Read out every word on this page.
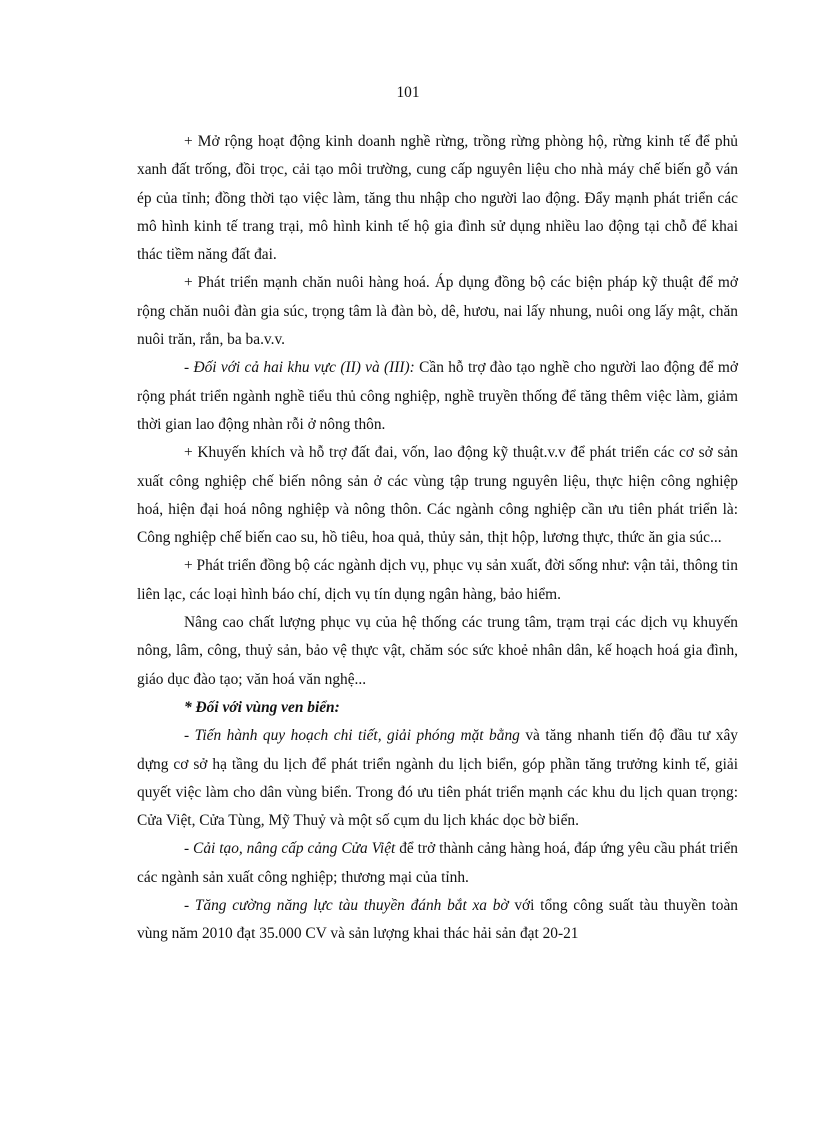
101

+ Mở rộng hoạt động kinh doanh nghề rừng, trồng rừng phòng hộ, rừng kinh tế để phủ xanh đất trống, đồi trọc, cải tạo môi trường, cung cấp nguyên liệu cho nhà máy chế biến gỗ ván ép của tỉnh; đồng thời tạo việc làm, tăng thu nhập cho người lao động. Đẩy mạnh phát triển các mô hình kinh tế trang trại, mô hình kinh tế hộ gia đình sử dụng nhiều lao động tại chỗ để khai thác tiềm năng đất đai.

+ Phát triển mạnh chăn nuôi hàng hoá. Áp dụng đồng bộ các biện pháp kỹ thuật để mở rộng chăn nuôi đàn gia súc, trọng tâm là đàn bò, dê, hươu, nai lấy nhung, nuôi ong lấy mật, chăn nuôi trăn, rắn, ba ba.v.v.

- Đối với cả hai khu vực (II) và (III): Cần hỗ trợ đào tạo nghề cho người lao động để mở rộng phát triển ngành nghề tiểu thủ công nghiệp, nghề truyền thống để tăng thêm việc làm, giảm thời gian lao động nhàn rỗi ở nông thôn.

+ Khuyến khích và hỗ trợ đất đai, vốn, lao động kỹ thuật.v.v để phát triển các cơ sở sản xuất công nghiệp chế biến nông sản ở các vùng tập trung nguyên liệu, thực hiện công nghiệp hoá, hiện đại hoá nông nghiệp và nông thôn. Các ngành công nghiệp cần ưu tiên phát triển là: Công nghiệp chế biến cao su, hồ tiêu, hoa quả, thủy sản, thịt hộp, lương thực, thức ăn gia súc...

+ Phát triển đồng bộ các ngành dịch vụ, phục vụ sản xuất, đời sống như: vận tải, thông tin liên lạc, các loại hình báo chí, dịch vụ tín dụng ngân hàng, bảo hiểm.

Nâng cao chất lượng phục vụ của hệ thống các trung tâm, trạm trại các dịch vụ khuyến nông, lâm, công, thuỷ sản, bảo vệ thực vật, chăm sóc sức khoẻ nhân dân, kế hoạch hoá gia đình, giáo dục đào tạo; văn hoá văn nghệ...

* Đối với vùng ven biển:

- Tiến hành quy hoạch chi tiết, giải phóng mặt bằng và tăng nhanh tiến độ đầu tư xây dựng cơ sở hạ tầng du lịch để phát triển ngành du lịch biển, góp phần tăng trưởng kinh tế, giải quyết việc làm cho dân vùng biển. Trong đó ưu tiên phát triển mạnh các khu du lịch quan trọng: Cửa Việt, Cửa Tùng, Mỹ Thuỷ và một số cụm du lịch khác dọc bờ biển.

- Cải tạo, nâng cấp cảng Cửa Việt để trở thành cảng hàng hoá, đáp ứng yêu cầu phát triển các ngành sản xuất công nghiệp; thương mại của tỉnh.

- Tăng cường năng lực tàu thuyền đánh bắt xa bờ với tổng công suất tàu thuyền toàn vùng năm 2010 đạt 35.000 CV và sản lượng khai thác hải sản đạt 20-21
